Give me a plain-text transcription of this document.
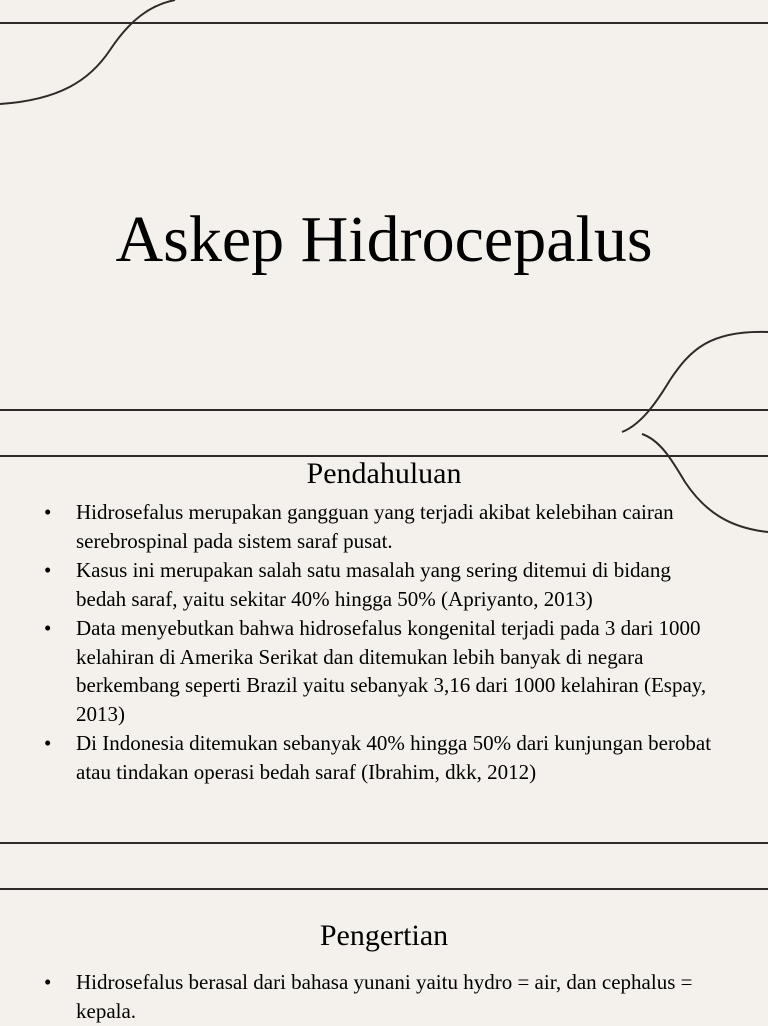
Askep Hidrocepalus
Pendahuluan
• Hidrosefalus merupakan gangguan yang terjadi akibat kelebihan cairan serebrospinal pada sistem saraf pusat.
• Kasus ini merupakan salah satu masalah yang sering ditemui di bidang bedah saraf, yaitu sekitar 40% hingga 50% (Apriyanto, 2013)
• Data menyebutkan bahwa hidrosefalus kongenital terjadi pada 3 dari 1000 kelahiran di Amerika Serikat dan ditemukan lebih banyak di negara berkembang seperti Brazil yaitu sebanyak 3,16 dari 1000 kelahiran (Espay, 2013)
• Di Indonesia ditemukan sebanyak 40% hingga 50% dari kunjungan berobat atau tindakan operasi bedah saraf (Ibrahim, dkk, 2012)
Pengertian
• Hidrosefalus berasal dari bahasa yunani yaitu hydro = air, dan cephalus = kepala.
